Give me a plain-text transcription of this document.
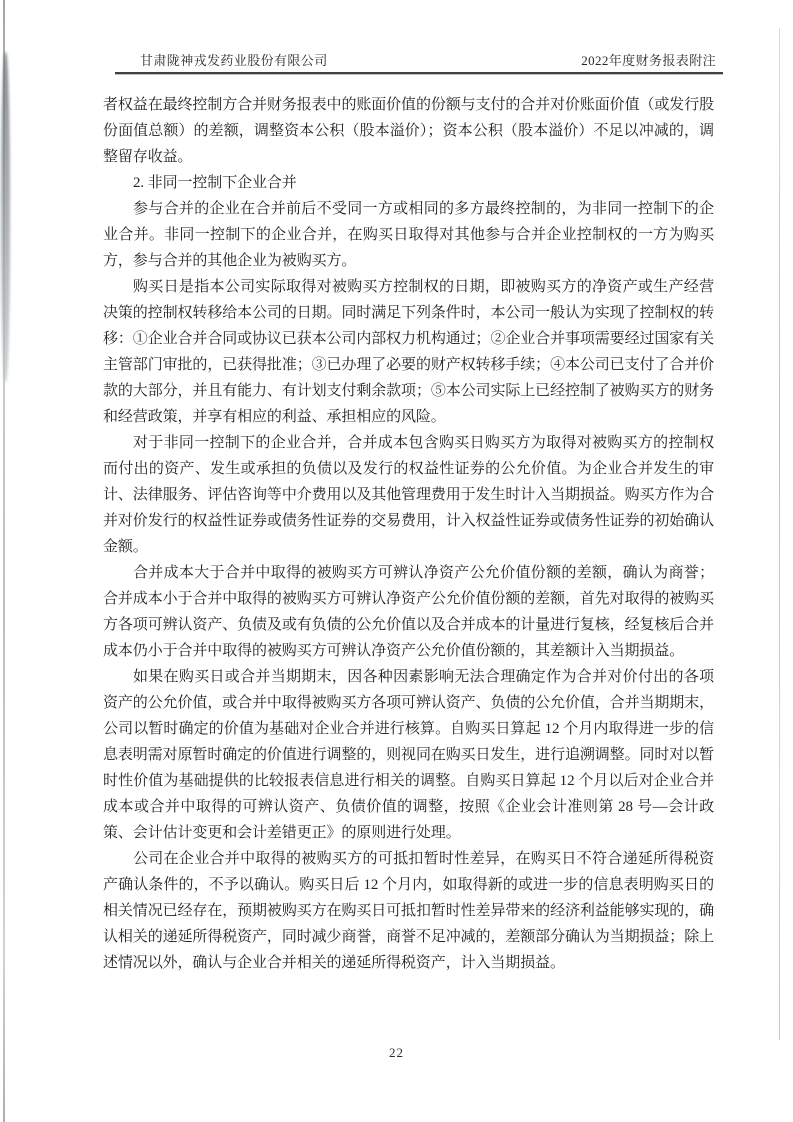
甘肃陇神戎发药业股份有限公司	2022年度财务报表附注

者权益在最终控制方合并财务报表中的账面价值的份额与支付的合并对价账面价值（或发行股份面值总额）的差额，调整资本公积（股本溢价）；资本公积（股本溢价）不足以冲减的，调整留存收益。

2. 非同一控制下企业合并

参与合并的企业在合并前后不受同一方或相同的多方最终控制的，为非同一控制下的企业合并。非同一控制下的企业合并，在购买日取得对其他参与合并企业控制权的一方为购买方，参与合并的其他企业为被购买方。

购买日是指本公司实际取得对被购买方控制权的日期，即被购买方的净资产或生产经营决策的控制权转移给本公司的日期。同时满足下列条件时，本公司一般认为实现了控制权的转移：①企业合并合同或协议已获本公司内部权力机构通过；②企业合并事项需要经过国家有关主管部门审批的，已获得批准；③已办理了必要的财产权转移手续；④本公司已支付了合并价款的大部分，并且有能力、有计划支付剩余款项；⑤本公司实际上已经控制了被购买方的财务和经营政策，并享有相应的利益、承担相应的风险。

对于非同一控制下的企业合并，合并成本包含购买日购买方为取得对被购买方的控制权而付出的资产、发生或承担的负债以及发行的权益性证券的公允价值。为企业合并发生的审计、法律服务、评估咨询等中介费用以及其他管理费用于发生时计入当期损益。购买方作为合并对价发行的权益性证券或债务性证券的交易费用，计入权益性证券或债务性证券的初始确认金额。

合并成本大于合并中取得的被购买方可辨认净资产公允价值份额的差额，确认为商誉；合并成本小于合并中取得的被购买方可辨认净资产公允价值份额的差额，首先对取得的被购买方各项可辨认资产、负债及或有负债的公允价值以及合并成本的计量进行复核，经复核后合并成本仍小于合并中取得的被购买方可辨认净资产公允价值份额的，其差额计入当期损益。

如果在购买日或合并当期期末，因各种因素影响无法合理确定作为合并对价付出的各项资产的公允价值，或合并中取得被购买方各项可辨认资产、负债的公允价值，合并当期期末，公司以暂时确定的价值为基础对企业合并进行核算。自购买日算起 12 个月内取得进一步的信息表明需对原暂时确定的价值进行调整的，则视同在购买日发生，进行追溯调整。同时对以暂时性价值为基础提供的比较报表信息进行相关的调整。自购买日算起 12 个月以后对企业合并成本或合并中取得的可辨认资产、负债价值的调整，按照《企业会计准则第 28 号—会计政策、会计估计变更和会计差错更正》的原则进行处理。

公司在企业合并中取得的被购买方的可抵扣暂时性差异，在购买日不符合递延所得税资产确认条件的，不予以确认。购买日后 12 个月内，如取得新的或进一步的信息表明购买日的相关情况已经存在，预期被购买方在购买日可抵扣暂时性差异带来的经济利益能够实现的，确认相关的递延所得税资产，同时减少商誉，商誉不足冲减的，差额部分确认为当期损益；除上述情况以外，确认与企业合并相关的递延所得税资产，计入当期损益。

22
